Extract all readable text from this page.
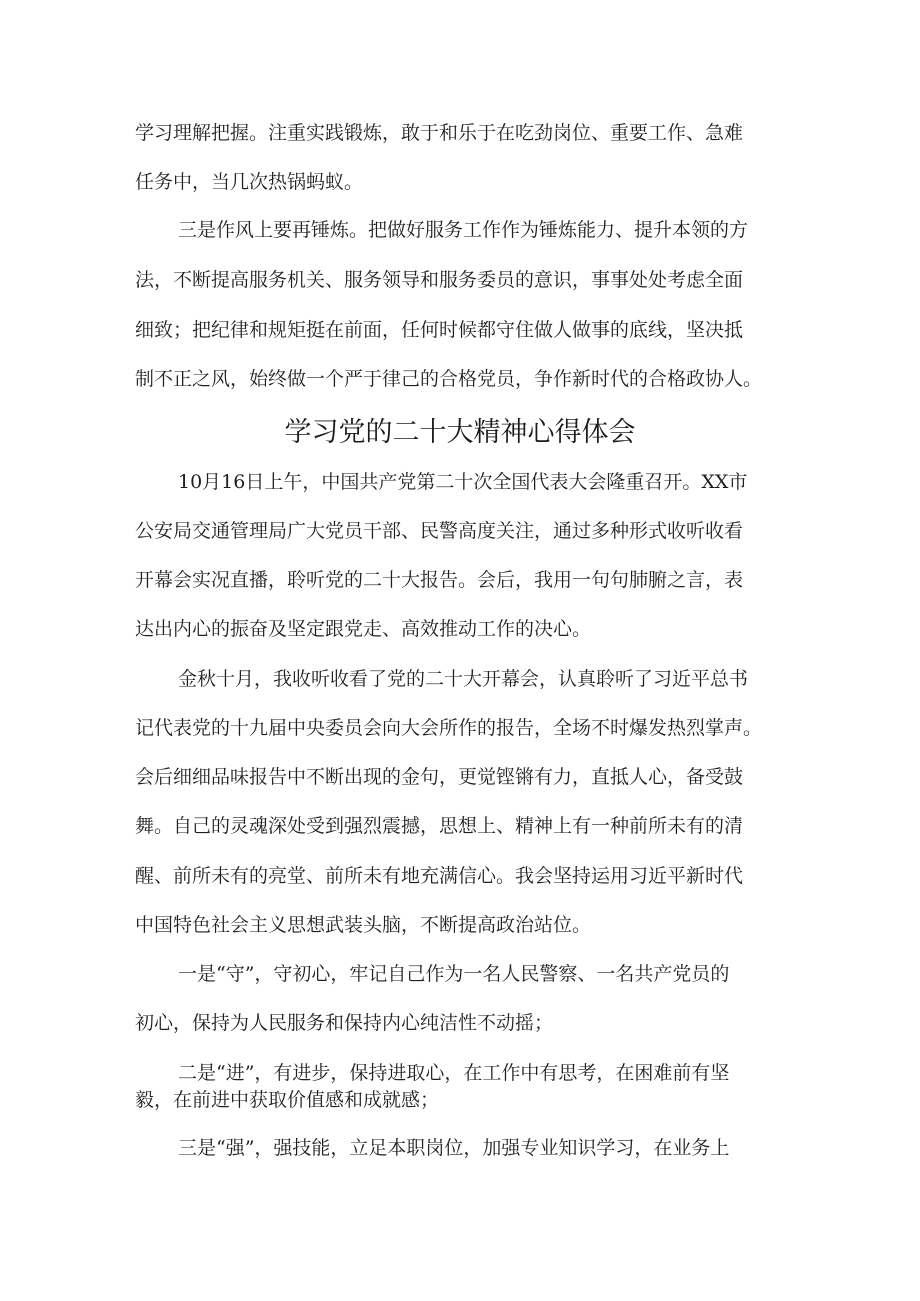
学习理解把握。注重实践锻炼，敢于和乐于在吃劲岗位、重要工作、急难

任务中，当几次热锅蚂蚁。

三是作风上要再锤炼。把做好服务工作作为锤炼能力、提升本领的方

法，不断提高服务机关、服务领导和服务委员的意识，事事处处考虑全面

细致；把纪律和规矩挺在前面，任何时候都守住做人做事的底线，坚决抵

制不正之风，始终做一个严于律己的合格党员，争作新时代的合格政协人。

学习党的二十大精神心得体会

10月16日上午，中国共产党第二十次全国代表大会隆重召开。XX市

公安局交通管理局广大党员干部、民警高度关注，通过多种形式收听收看

开幕会实况直播，聆听党的二十大报告。会后，我用一句句肺腑之言，表

达出内心的振奋及坚定跟党走、高效推动工作的决心。

金秋十月，我收听收看了党的二十大开幕会，认真聆听了习近平总书

记代表党的十九届中央委员会向大会所作的报告，全场不时爆发热烈掌声。

会后细细品味报告中不断出现的金句，更觉铿锵有力，直抵人心，备受鼓

舞。自己的灵魂深处受到强烈震撼，思想上、精神上有一种前所未有的清

醒、前所未有的亮堂、前所未有地充满信心。我会坚持运用习近平新时代

中国特色社会主义思想武装头脑，不断提高政治站位。

一是“守”，守初心，牢记自己作为一名人民警察、一名共产党员的

初心，保持为人民服务和保持内心纯洁性不动摇；

二是“进”，有进步，保持进取心，在工作中有思考，在困难前有坚

毅，在前进中获取价值感和成就感；

三是“强”，强技能，立足本职岗位，加强专业知识学习，在业务上
